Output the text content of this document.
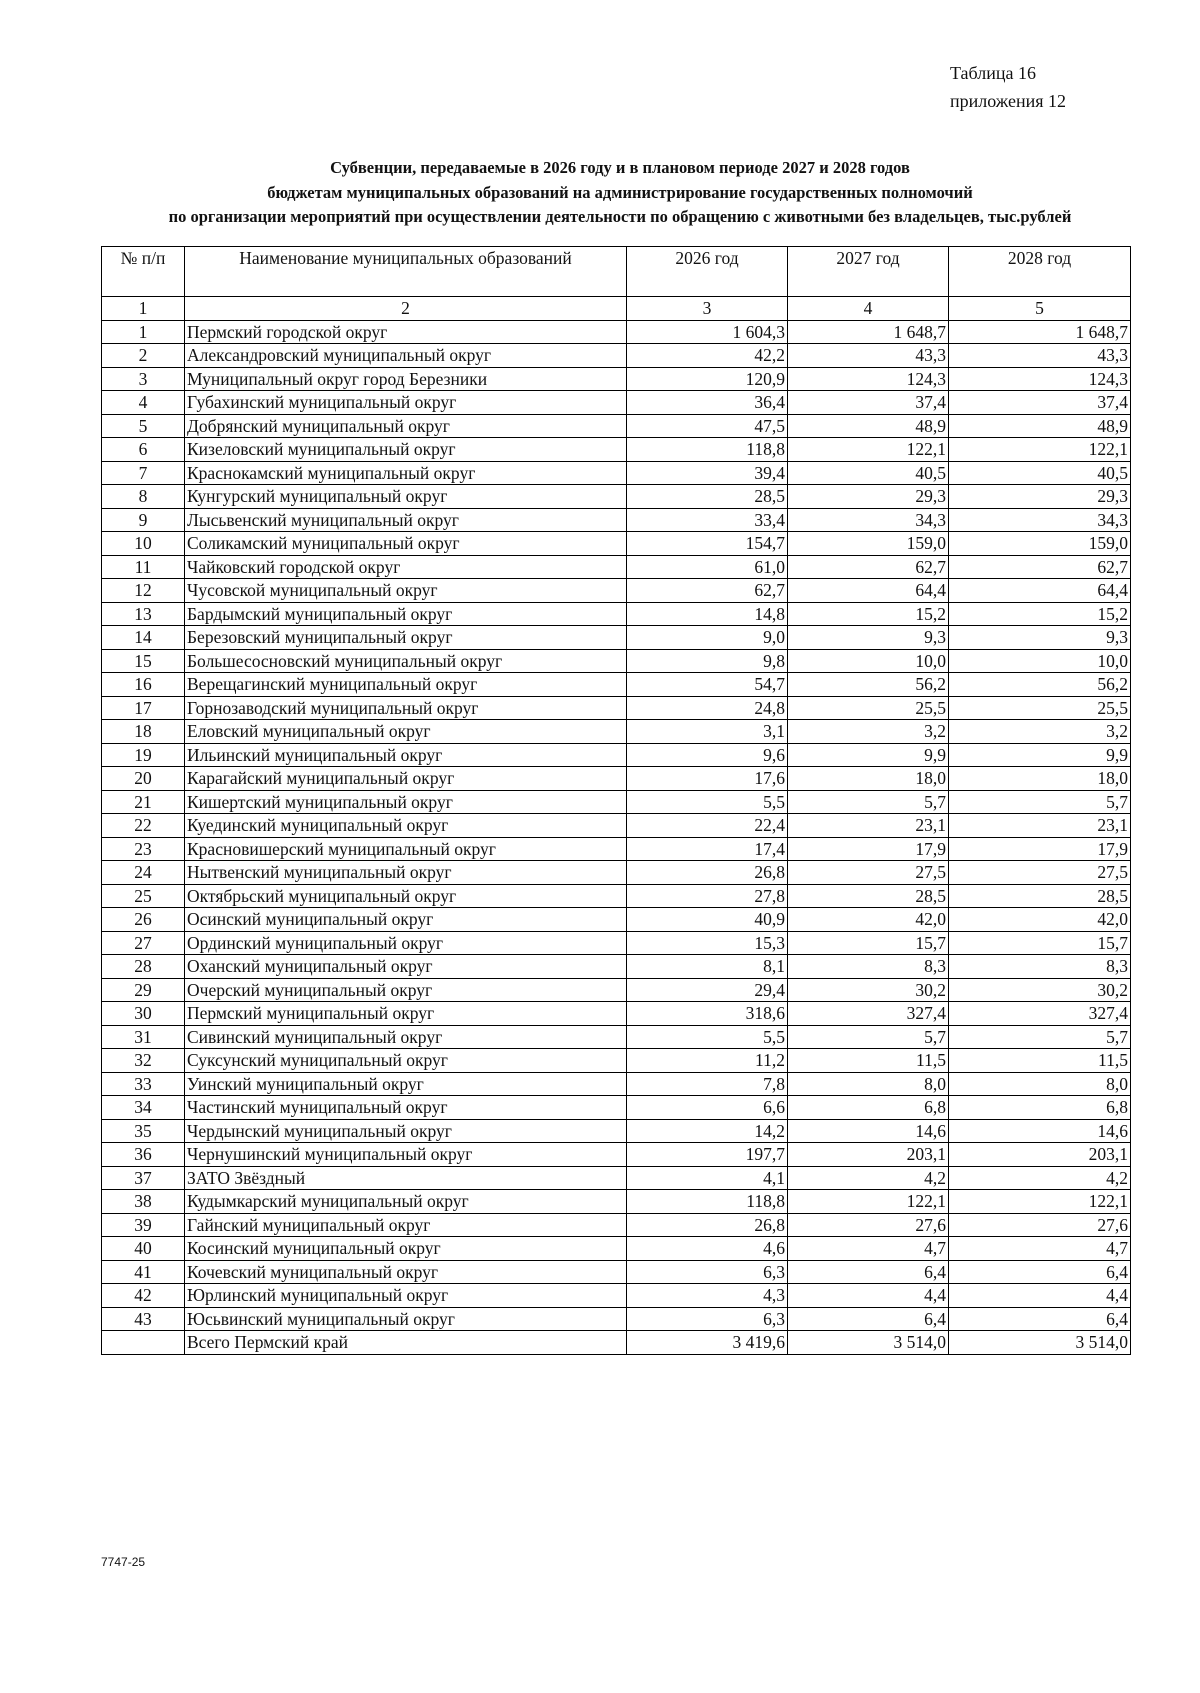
Таблица 16
приложения 12
Субвенции, передаваемые в 2026 году и в плановом периоде 2027 и 2028 годов
бюджетам муниципальных образований на администрирование государственных полномочий
по организации мероприятий при осуществлении деятельности по обращению с животными без владельцев, тыс.рублей
№ п/п	Наименование муниципальных образований	2026 год	2027 год	2028 год
1	2	3	4	5
1	Пермский городской округ	1 604,3	1 648,7	1 648,7
2	Александровский муниципальный округ	42,2	43,3	43,3
3	Муниципальный округ город Березники	120,9	124,3	124,3
4	Губахинский муниципальный округ	36,4	37,4	37,4
5	Добрянский муниципальный округ	47,5	48,9	48,9
6	Кизеловский муниципальный округ	118,8	122,1	122,1
7	Краснокамский муниципальный округ	39,4	40,5	40,5
8	Кунгурский муниципальный округ	28,5	29,3	29,3
9	Лысьвенский муниципальный округ	33,4	34,3	34,3
10	Соликамский муниципальный округ	154,7	159,0	159,0
11	Чайковский городской округ	61,0	62,7	62,7
12	Чусовской муниципальный округ	62,7	64,4	64,4
13	Бардымский муниципальный округ	14,8	15,2	15,2
14	Березовский муниципальный округ	9,0	9,3	9,3
15	Большесосновский муниципальный округ	9,8	10,0	10,0
16	Верещагинский муниципальный округ	54,7	56,2	56,2
17	Горнозаводский муниципальный округ	24,8	25,5	25,5
18	Еловский муниципальный округ	3,1	3,2	3,2
19	Ильинский муниципальный округ	9,6	9,9	9,9
20	Карагайский муниципальный округ	17,6	18,0	18,0
21	Кишертский муниципальный округ	5,5	5,7	5,7
22	Куединский муниципальный округ	22,4	23,1	23,1
23	Красновишерский муниципальный округ	17,4	17,9	17,9
24	Нытвенский муниципальный округ	26,8	27,5	27,5
25	Октябрьский муниципальный округ	27,8	28,5	28,5
26	Осинский муниципальный округ	40,9	42,0	42,0
27	Ординский муниципальный округ	15,3	15,7	15,7
28	Оханский муниципальный округ	8,1	8,3	8,3
29	Очерский муниципальный округ	29,4	30,2	30,2
30	Пермский муниципальный округ	318,6	327,4	327,4
31	Сивинский муниципальный округ	5,5	5,7	5,7
32	Суксунский муниципальный округ	11,2	11,5	11,5
33	Уинский муниципальный округ	7,8	8,0	8,0
34	Частинский муниципальный округ	6,6	6,8	6,8
35	Чердынский муниципальный округ	14,2	14,6	14,6
36	Чернушинский муниципальный округ	197,7	203,1	203,1
37	ЗАТО Звёздный	4,1	4,2	4,2
38	Кудымкарский муниципальный округ	118,8	122,1	122,1
39	Гайнский муниципальный округ	26,8	27,6	27,6
40	Косинский муниципальный округ	4,6	4,7	4,7
41	Кочевский муниципальный округ	6,3	6,4	6,4
42	Юрлинский муниципальный округ	4,3	4,4	4,4
43	Юсьвинский муниципальный округ	6,3	6,4	6,4
	Всего Пермский край	3 419,6	3 514,0	3 514,0
7747-25
